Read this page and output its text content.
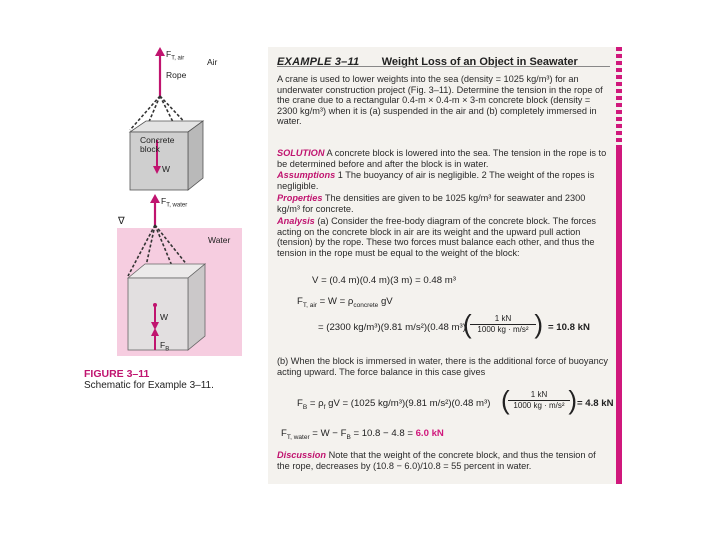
$F_{T, air}$	Air
Rope
Concrete block
W
$F_{T, water}$
∇
Water
W
$F_B$
FIGURE 3–11
Schematic for Example 3–11.
EXAMPLE 3–11 Weight Loss of an Object in Seawater
A crane is used to lower weights into the sea (density = 1025 kg/m³) for an underwater construction project (Fig. 3–11). Determine the tension in the rope of the crane due to a rectangular 0.4-m × 0.4-m × 3-m concrete block (density = 2300 kg/m³) when it is (a) suspended in the air and (b) completely immersed in water.
SOLUTION A concrete block is lowered into the sea. The tension in the rope is to be determined before and after the block is in water.
Assumptions 1 The buoyancy of air is negligible. 2 The weight of the ropes is negligible.
Properties The densities are given to be 1025 kg/m³ for seawater and 2300 kg/m³ for concrete.
Analysis (a) Consider the free-body diagram of the concrete block. The forces acting on the concrete block in air are its weight and the upward pull action (tension) by the rope. These two forces must balance each other, and thus the tension in the rope must be equal to the weight of the block:
V = (0.4 m)(0.4 m)(3 m) = 0.48 m³
$F_{T, air} = W = \rho_{concrete}$ gV
= (2300 kg/m³)(9.81 m/s²)(0.48 m³)
(	1 kN
1000 kg · m/s² ) = 10.8 kN
(b) When the block is immersed in water, there is the additional force of buoyancy acting upward. The force balance in this case gives
$F_B = \rho_f$ gV = (1025 kg/m³)(9.81 m/s²)(0.48 m³) (	1 kN
1000 kg · m/s² ) = 4.8 kN
$F_{T, water} = W - F_B = 10.8 - 4.8 = 6.0$ kN
Discussion Note that the weight of the concrete block, and thus the tension of the rope, decreases by (10.8 − 6.0)/10.8 = 55 percent in water.
